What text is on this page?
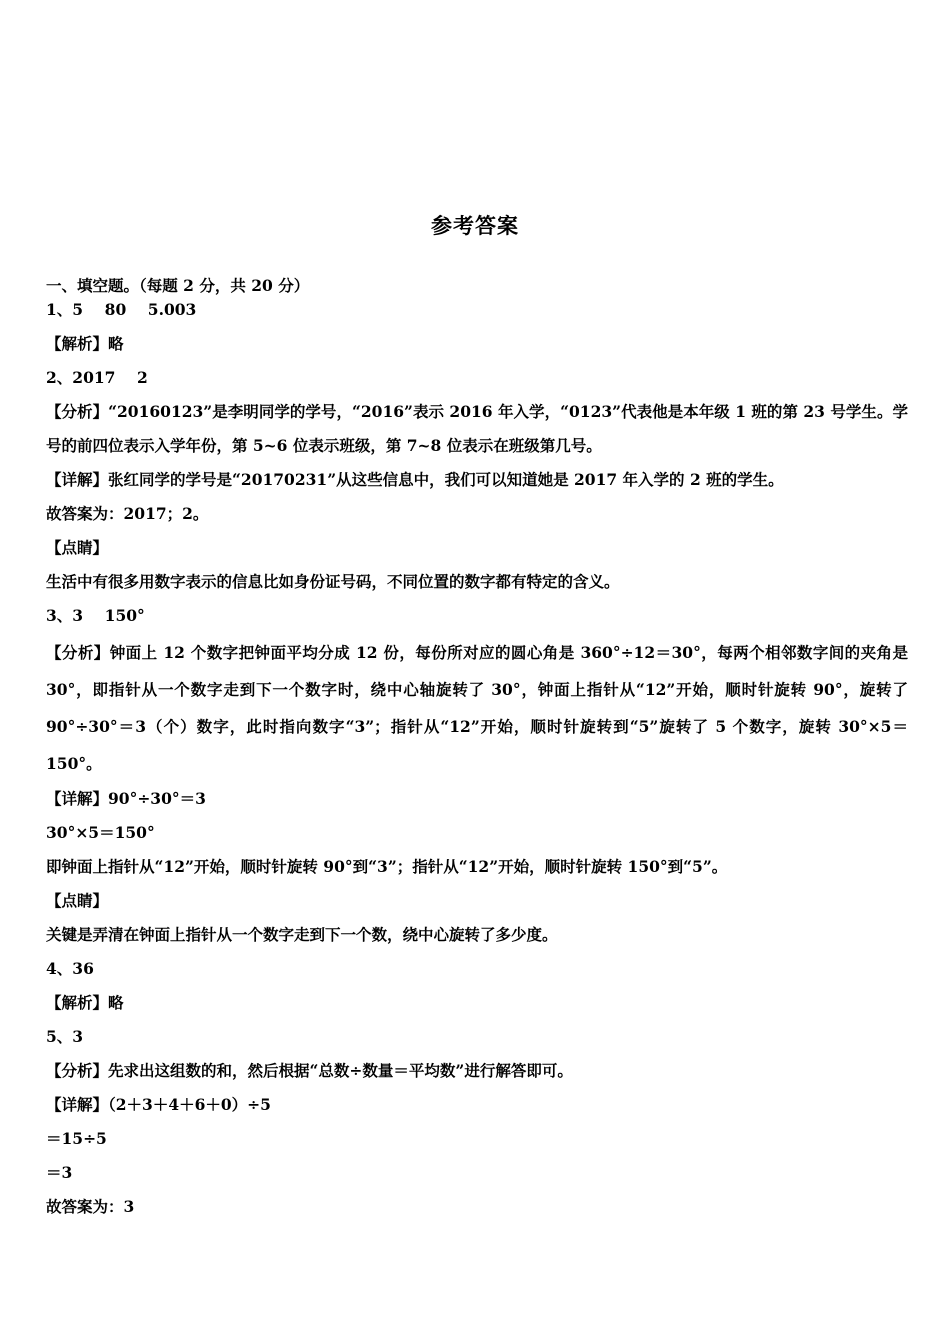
参考答案
一、填空题。（每题 2 分，共 20 分）
1、5    80    5.003
【解析】略
2、2017    2
【分析】“20160123”是李明同学的学号，“2016”表示 2016 年入学，“0123”代表他是本年级 1 班的第 23 号学生。学号的前四位表示入学年份，第 5~6 位表示班级，第 7~8 位表示在班级第几号。
【详解】张红同学的学号是“20170231”从这些信息中，我们可以知道她是 2017 年入学的 2 班的学生。
故答案为：2017；2。
【点睛】
生活中有很多用数字表示的信息比如身份证号码，不同位置的数字都有特定的含义。
3、3    150°
【分析】钟面上 12 个数字把钟面平均分成 12 份，每份所对应的圆心角是 360°÷12＝30°，每两个相邻数字间的夹角是 30°，即指针从一个数字走到下一个数字时，绕中心轴旋转了 30°，钟面上指针从“12”开始，顺时针旋转 90°，旋转了 90°÷30°＝3（个）数字，此时指向数字“3”；指针从“12”开始，顺时针旋转到“5”旋转了 5 个数字，旋转 30°×5＝150°。
【详解】90°÷30°＝3
30°×5＝150°
即钟面上指针从“12”开始，顺时针旋转 90°到“3”；指针从“12”开始，顺时针旋转 150°到“5”。
【点睛】
关键是弄清在钟面上指针从一个数字走到下一个数，绕中心旋转了多少度。
4、36
【解析】略
5、3
【分析】先求出这组数的和，然后根据“总数÷数量＝平均数”进行解答即可。
【详解】（2＋3＋4＋6＋0）÷5
＝15÷5
＝3
故答案为：3
